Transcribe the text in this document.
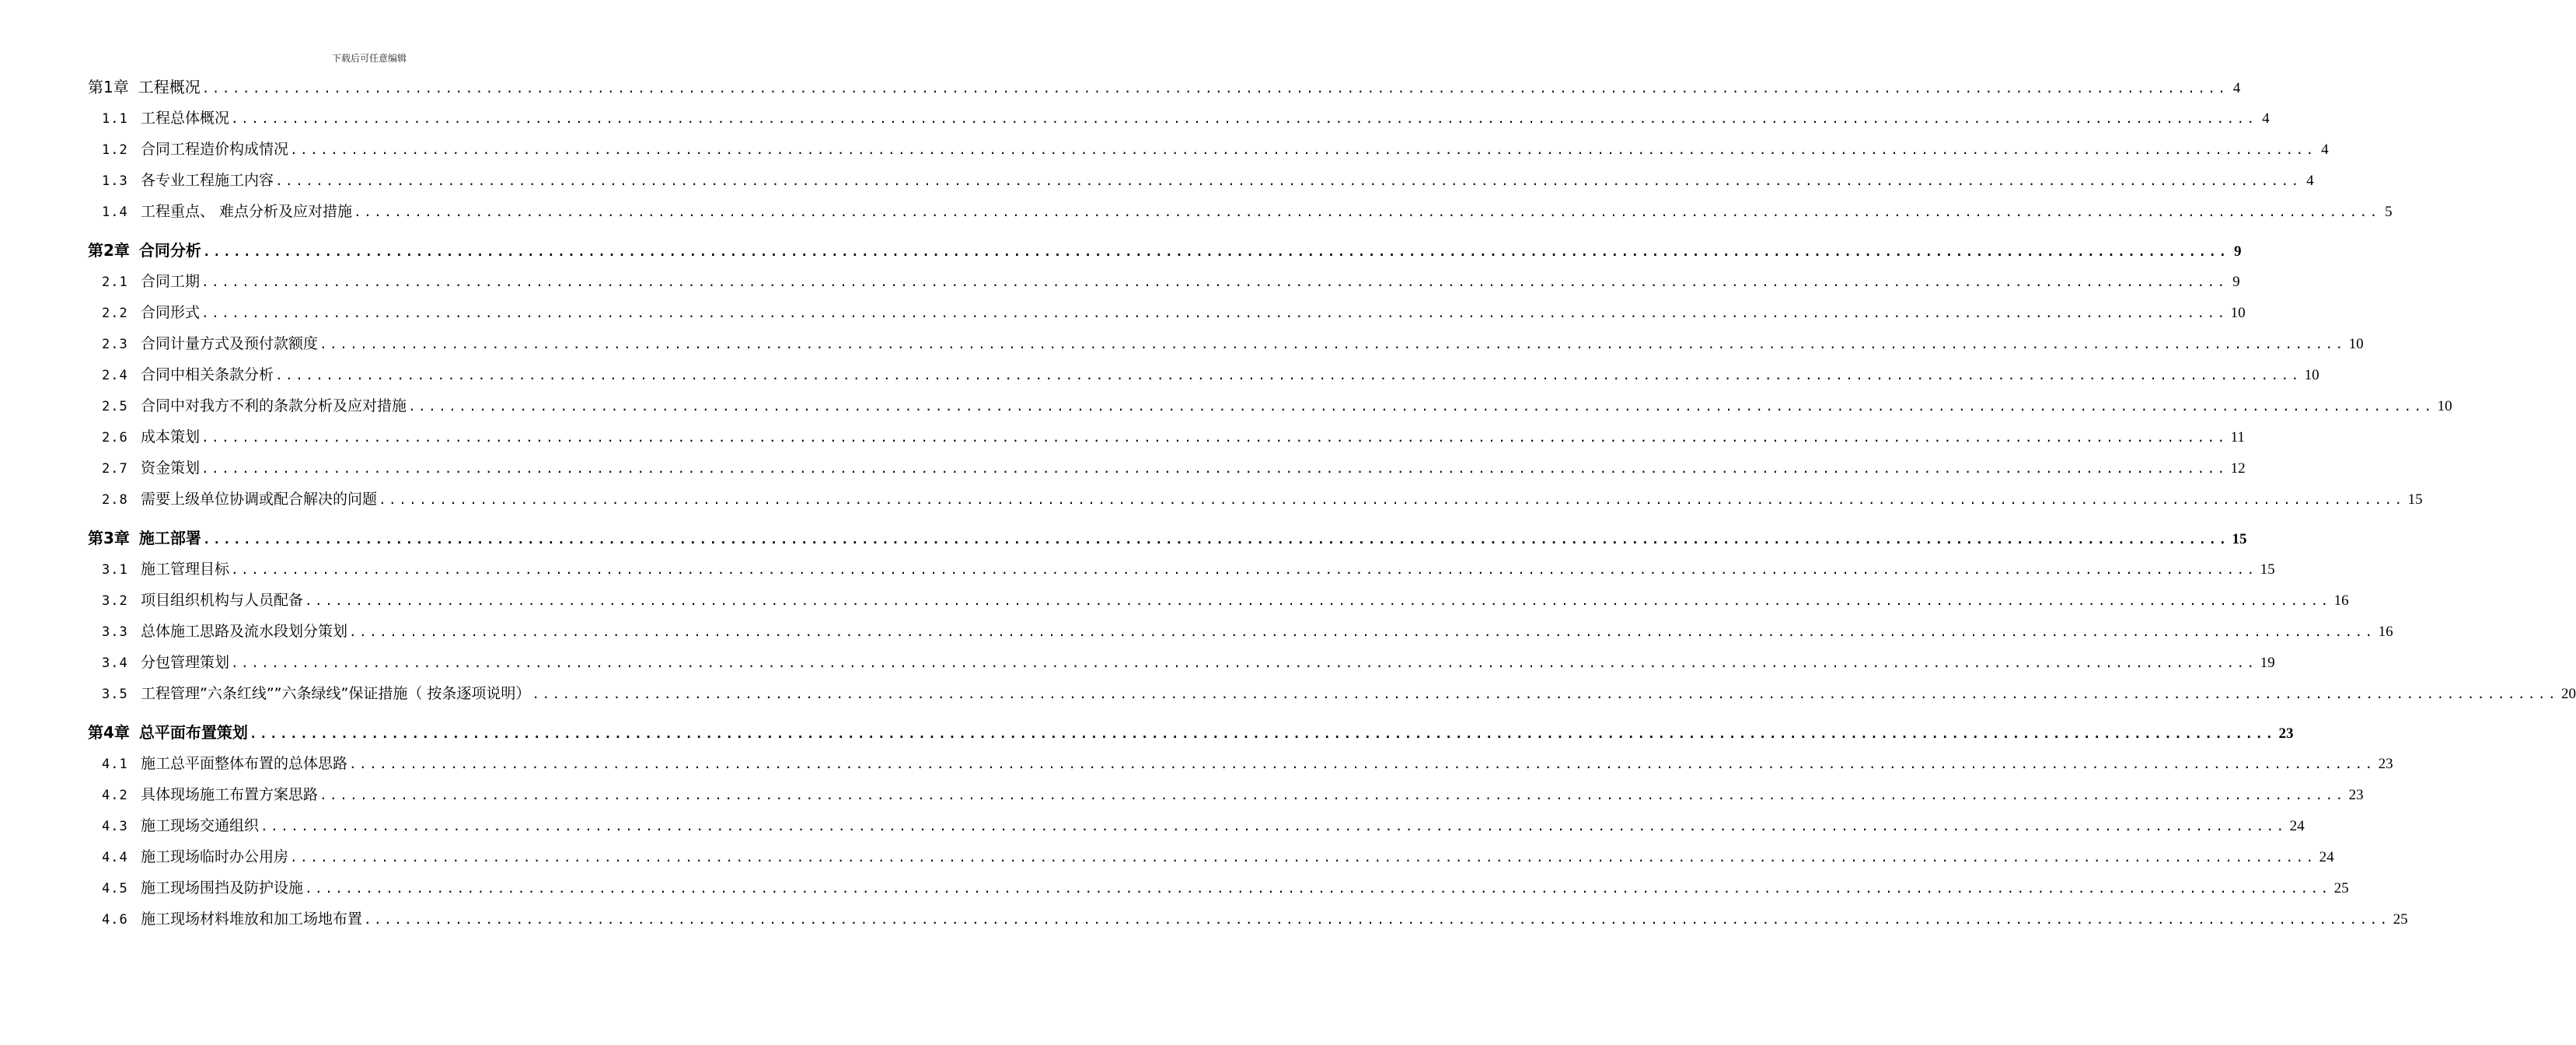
下载后可任意编辑
第1章 工程概况 ........................................................................................................................................................................................................ 4
1.1 工程总体概况 ........................................................................................................................................................................................................ 4
1.2 合同工程造价构成情况 ........................................................................................................................................................................................................ 4
1.3 各专业工程施工内容 ........................................................................................................................................................................................................ 4
1.4 工程重点、 难点分析及应对措施 ........................................................................................................................................................................................................ 5
第2章 合同分析 ........................................................................................................................................................................................................ 9
2.1 合同工期 ........................................................................................................................................................................................................ 9
2.2 合同形式 ........................................................................................................................................................................................................ 10
2.3 合同计量方式及预付款额度 ........................................................................................................................................................................................................ 10
2.4 合同中相关条款分析 ........................................................................................................................................................................................................ 10
2.5 合同中对我方不利的条款分析及应对措施 ........................................................................................................................................................................................................ 10
2.6 成本策划 ........................................................................................................................................................................................................ 11
2.7 资金策划 ........................................................................................................................................................................................................ 12
2.8 需要上级单位协调或配合解决的问题 ........................................................................................................................................................................................................ 15
第3章 施工部署 ........................................................................................................................................................................................................ 15
3.1 施工管理目标 ........................................................................................................................................................................................................ 15
3.2 项目组织机构与人员配备 ........................................................................................................................................................................................................ 16
3.3 总体施工思路及流水段划分策划 ........................................................................................................................................................................................................ 16
3.4 分包管理策划 ........................................................................................................................................................................................................ 19
3.5 工程管理”六条红线””六条绿线”保证措施（ 按条逐项说明） ........................................................................................................................................................................................................ 20
第4章 总平面布置策划 ........................................................................................................................................................................................................ 23
4.1 施工总平面整体布置的总体思路 ........................................................................................................................................................................................................ 23
4.2 具体现场施工布置方案思路 ........................................................................................................................................................................................................ 23
4.3 施工现场交通组织 ........................................................................................................................................................................................................ 24
4.4 施工现场临时办公用房 ........................................................................................................................................................................................................ 24
4.5 施工现场围挡及防护设施 ........................................................................................................................................................................................................ 25
4.6 施工现场材料堆放和加工场地布置 ........................................................................................................................................................................................................ 25
